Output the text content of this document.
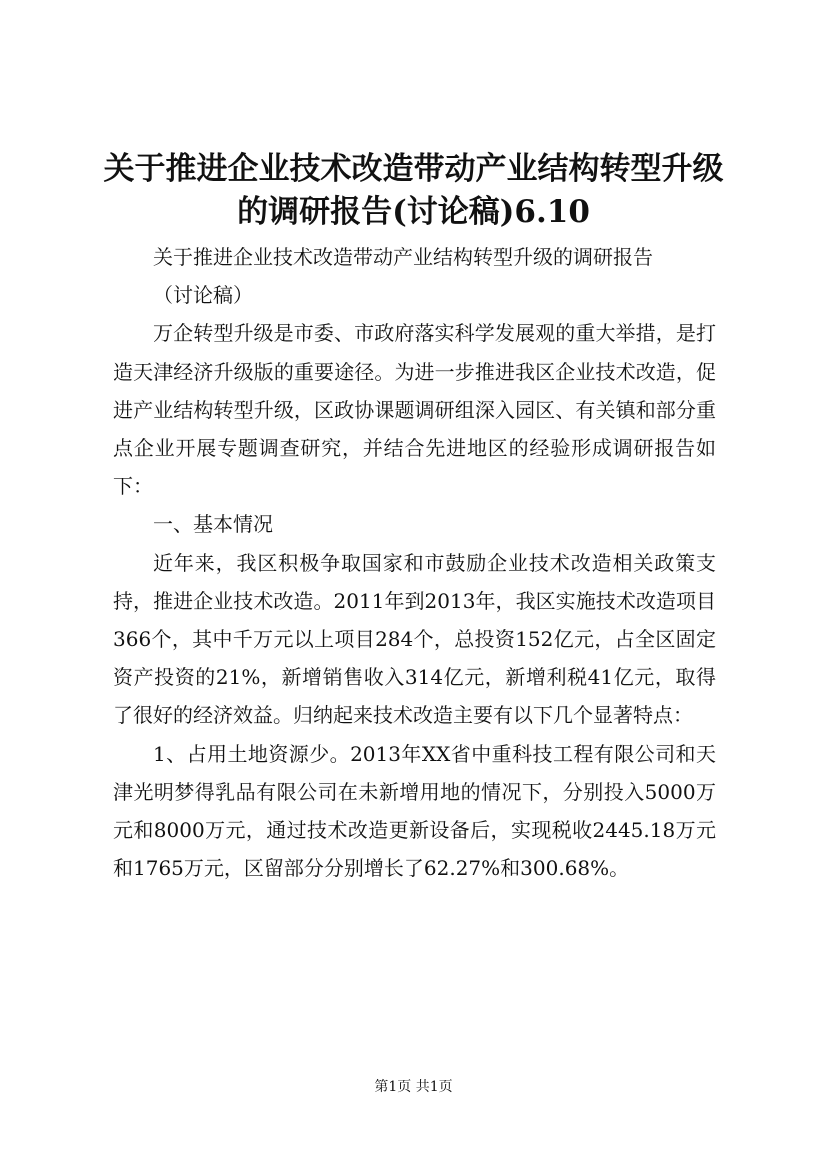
关于推进企业技术改造带动产业结构转型升级
的调研报告(讨论稿)6.10

关于推进企业技术改造带动产业结构转型升级的调研报告

（讨论稿）

万企转型升级是市委、市政府落实科学发展观的重大举措，是打造天津经济升级版的重要途径。为进一步推进我区企业技术改造，促进产业结构转型升级，区政协课题调研组深入园区、有关镇和部分重点企业开展专题调查研究，并结合先进地区的经验形成调研报告如下：

一、基本情况

近年来，我区积极争取国家和市鼓励企业技术改造相关政策支持，推进企业技术改造。2011年到2013年，我区实施技术改造项目366个，其中千万元以上项目284个，总投资152亿元，占全区固定资产投资的21%，新增销售收入314亿元，新增利税41亿元，取得了很好的经济效益。归纳起来技术改造主要有以下几个显著特点：

1、占用土地资源少。2013年XX省中重科技工程有限公司和天津光明梦得乳品有限公司在未新增用地的情况下，分别投入5000万元和8000万元，通过技术改造更新设备后，实现税收2445.18万元和1765万元，区留部分分别增长了62.27%和300.68%。

第1页 共1页
